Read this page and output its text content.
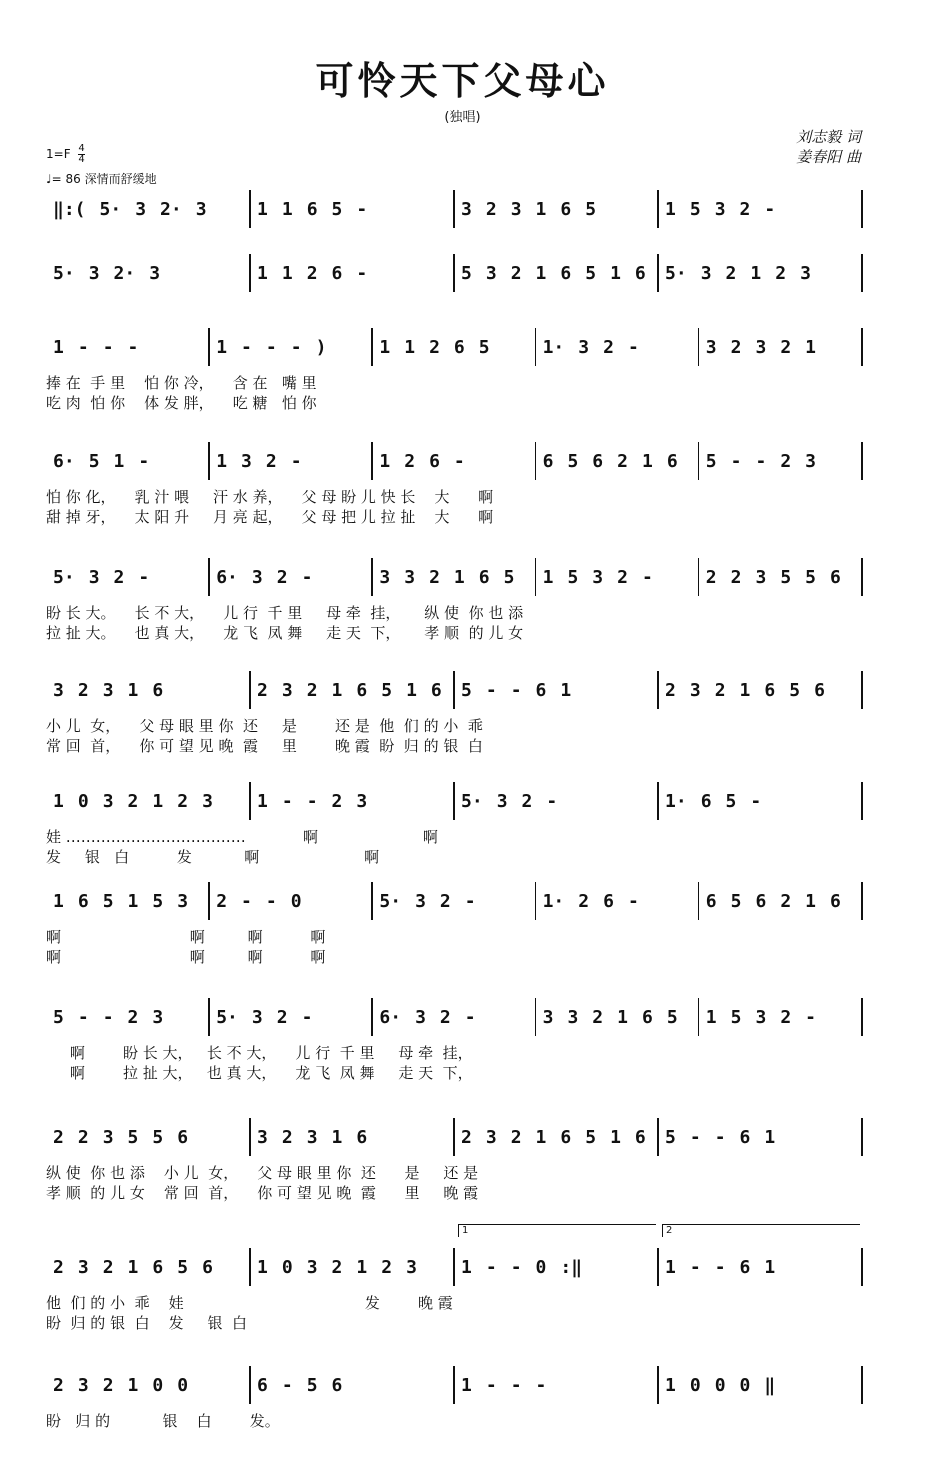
可怜天下父母心
(独唱)
刘志毅 词
姜春阳 曲
$1=F \frac{4}{4}$
♩= 86 深情而舒缓地
‖:( 5· 3 2· 3	1 1 6 5 -	3 2 3 1 6 5	1 5 3 2 -
5· 3 2· 3	1 1 2 6 -	5 3 2 1 6 5 1 6 5· 3 2 1 2 3
1 - - -	1 - - - )	1 1 2 6 5	1· 3 2 -	3 2 3 2 1
捧 在  手 里    怕 你 冷，    含 在   嘴 里
吃 肉  怕 你    体 发 胖，    吃 糖   怕 你
6· 5 1 -	1 3 2 -	1 2 6 -	6 5 6 2 1 6 5 - - 2 3
怕 你 化，    乳 汁 喂     汗 水 养，    父 母 盼 儿 快 长    大      啊
甜 掉 牙，    太 阳 升     月 亮 起，    父 母 把 儿 拉 扯    大      啊
5· 3 2 -	6· 3 2 -	3 3 2 1 6 5 1 5 3 2 -	2 2 3 5 5 6
盼 长 大。    长 不 大，    儿 行  千 里     母 牵  挂，     纵 使  你 也 添
拉 扯 大。    也 真 大，    龙 飞  凤 舞     走 天  下，     孝 顺  的 儿 女
3 2 3 1 6	2 3 2 1 6 5 1 6 5 - - 6 1	2 3 2 1 6 5 6
小 儿  女，    父 母 眼 里 你  还     是        还 是  他  们 的 小  乖
常 回  首，    你 可 望 见 晚  霞     里        晚 霞  盼  归 的 银  白
1 0 3 2 1 2 3 1 - - 2 3	5· 3 2 -	1· 6 5 -
娃 ………………………………            啊                      啊
发     银   白          发           啊                      啊
1 6 5 1 5 3 2 - - 0	5· 3 2 -	1· 2 6 -	6 5 6 2 1 6
啊                           啊         啊          啊
啊                           啊         啊          啊
5 - - 2 3	5· 3 2 -	6· 3 2 -	3 3 2 1 6 5 1 5 3 2 -
啊        盼 长 大，   长 不 大，    儿 行  千 里     母 牵  挂，
啊        拉 扯 大，   也 真 大，    龙 飞  凤 舞     走 天  下，
2 2 3 5 5 6	3 2 3 1 6	2 3 2 1 6 5 1 6 5 - - 6 1
纵 使  你 也 添    小 儿  女，    父 母 眼 里 你  还      是     还 是
孝 顺  的 儿 女    常 回  首，    你 可 望 见 晚  霞      里     晚 霞
2 3 2 1 6 5 6 1 0 3 2 1 2 3 1 - - 0 :‖	1 - - 6 1
1	2
他  们 的 小  乖    娃                                      发        晚 霞
盼  归 的 银  白    发     银  白
2 3 2 1 0 0	6 - 5 6	1 - - -	1 0 0 0 ‖
盼   归 的           银    白        发。
